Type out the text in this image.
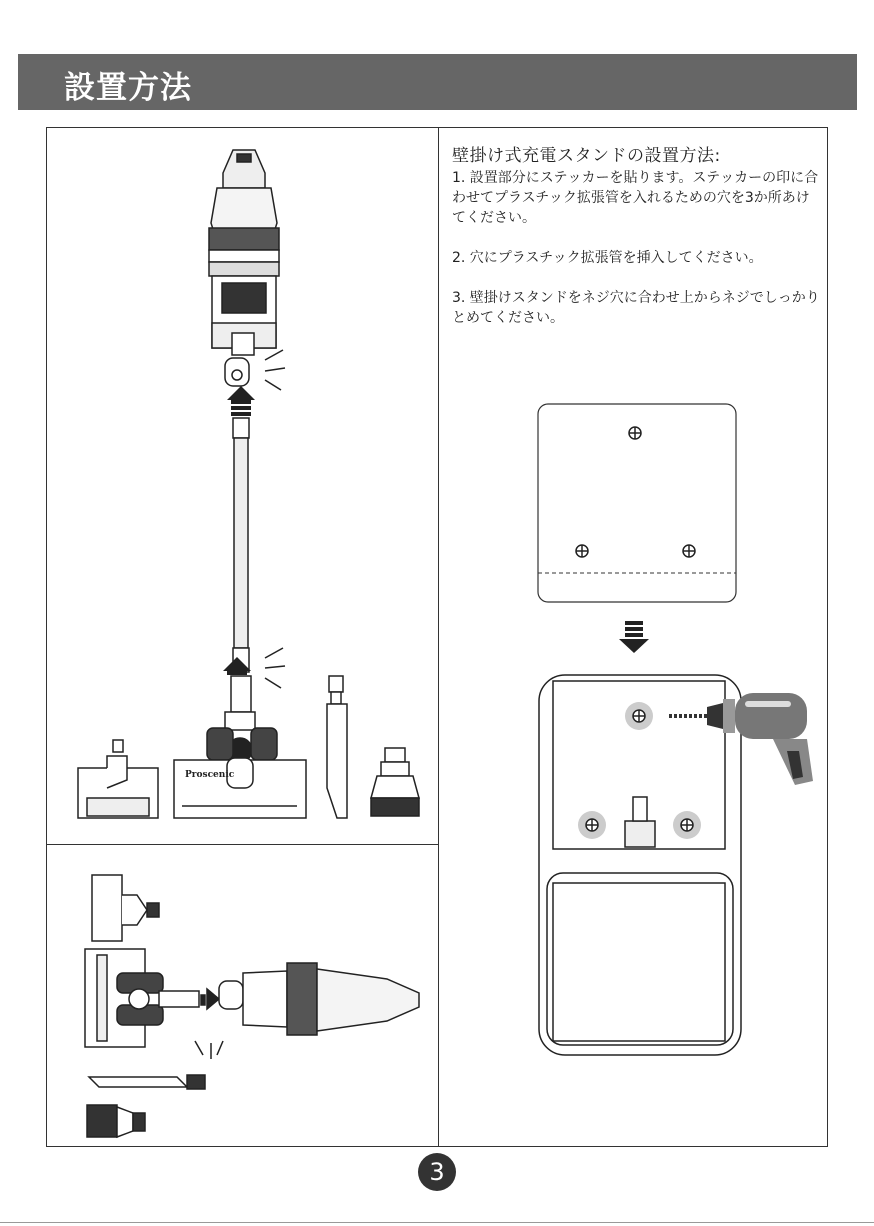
設置方法
Proscenic
壁掛け式充電スタンドの設置方法:

1. 設置部分にステッカーを貼ります。ステッカーの印に合わせてプラスチック拡張管を入れるための穴を3か所あけてください。

2. 穴にプラスチック拡張管を挿入してください。

3. 壁掛けスタンドをネジ穴に合わせ上からネジでしっかりとめてください。

3
